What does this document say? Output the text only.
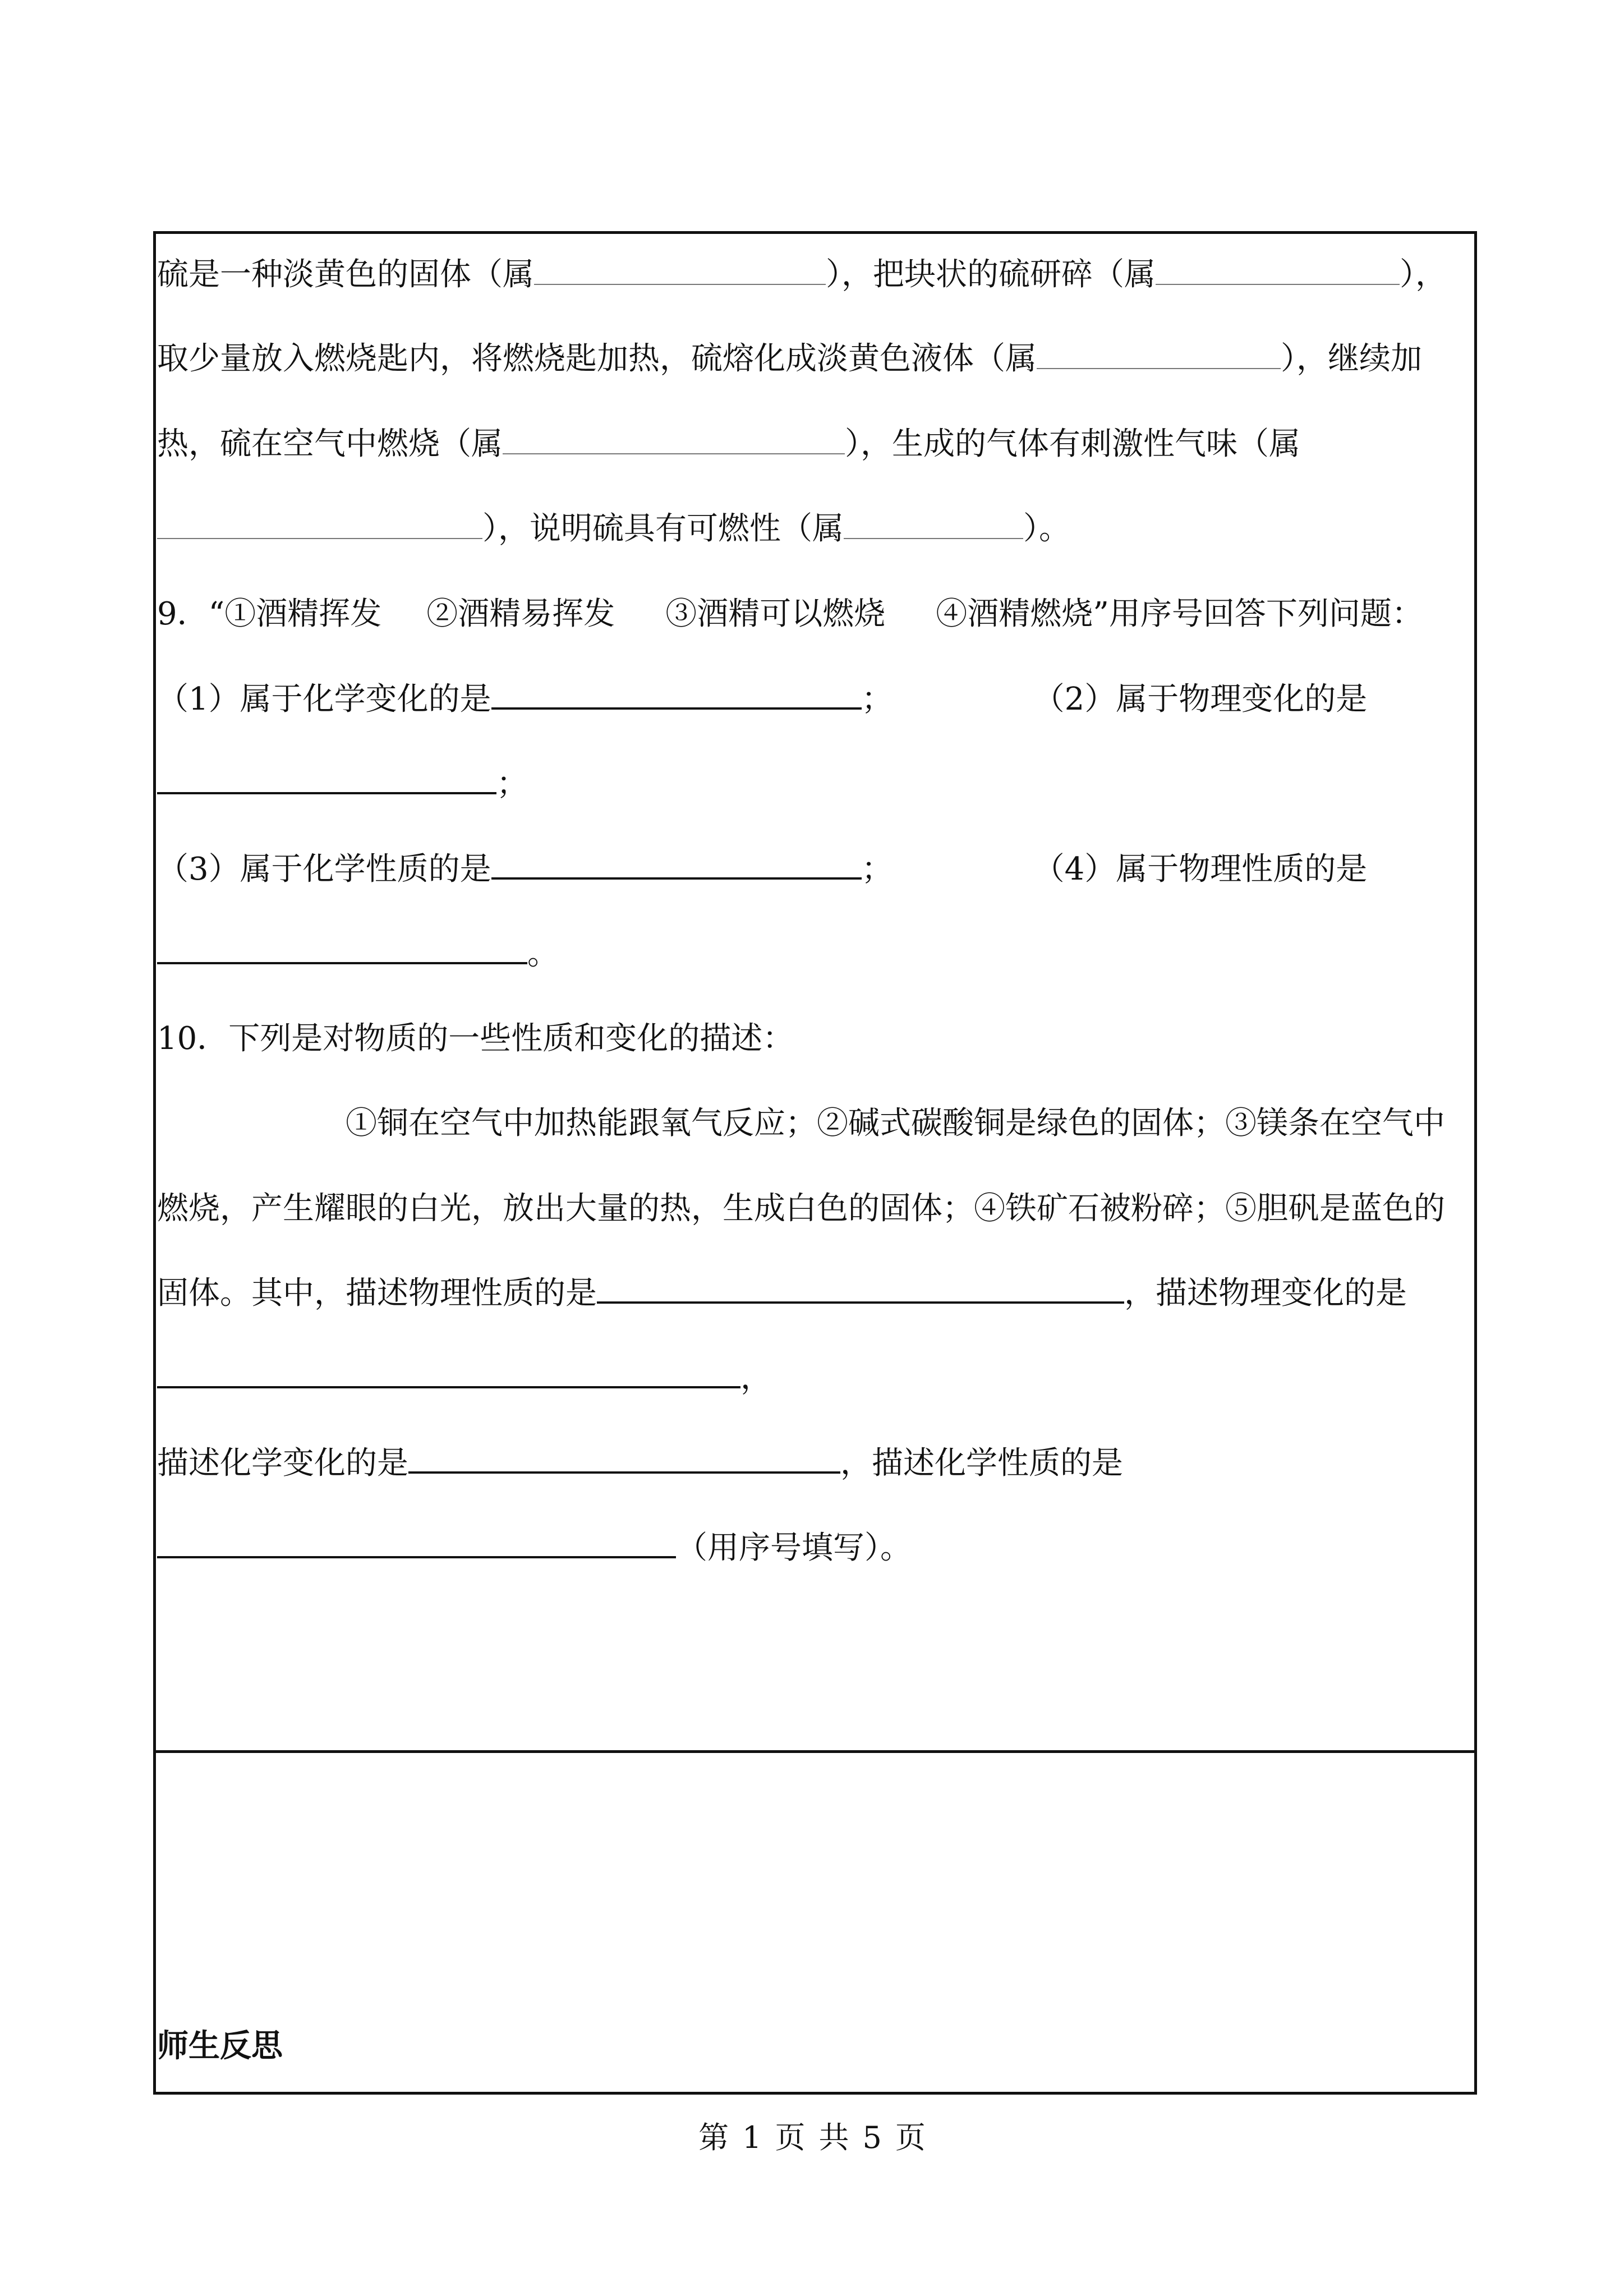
硫是一种淡黄色的固体（属	），把块状的硫研碎（属	），
取少量放入燃烧匙内，将燃烧匙加热，硫熔化成淡黄色液体（属	），继续加
热，硫在空气中燃烧（属	），生成的气体有刺激性气味（属
），说明硫具有可燃性（属	）。
9．“①酒精挥发 ②酒精易挥发 ③酒精可以燃烧 ④酒精燃烧”用序号回答下列问题：
（1）属于化学变化的是	；	（2）属于物理变化的是
；
（3）属于化学性质的是	；	（4）属于物理性质的是
。
10．下列是对物质的一些性质和变化的描述：
①铜在空气中加热能跟氧气反应；②碱式碳酸铜是绿色的固体；③镁条在空气中
燃烧，产生耀眼的白光，放出大量的热，生成白色的固体；④铁矿石被粉碎；⑤胆矾是蓝色的
固体。其中，描述物理性质的是	，描述物理变化的是
，
描述化学变化的是	，描述化学性质的是
（用序号填写）。
师生反思
第 1 页 共 5 页
